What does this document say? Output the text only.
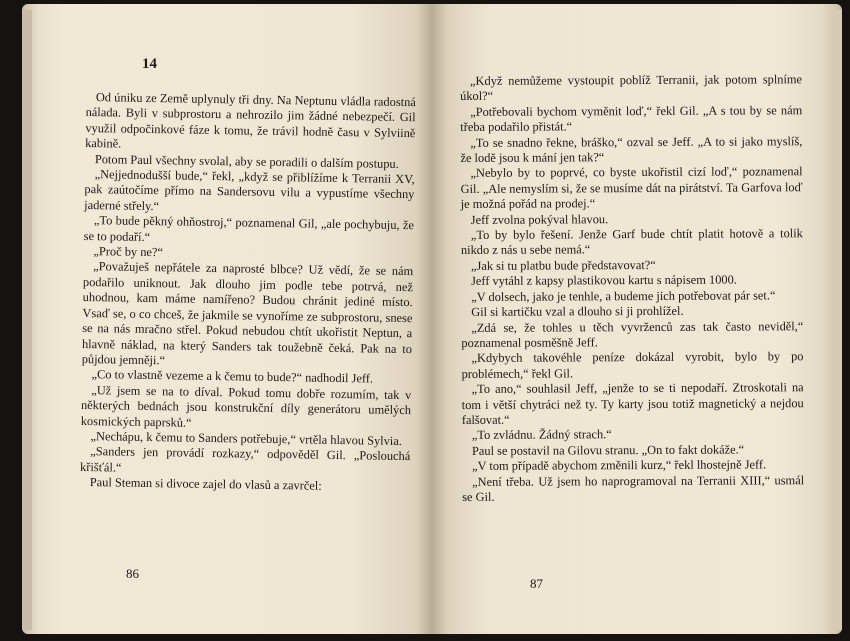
14

Od úniku ze Země uplynuly tři dny. Na Neptunu vládla radostná nálada. Byli v subprostoru a nehrozilo jim žádné nebezpečí. Gil využil odpočinkové fáze k tomu, že trávil hodně času v Sylviině kabině.

Potom Paul všechny svolal, aby se poradili o dalším postupu.

„Nejjednodušší bude,“ řekl, „když se přiblížíme k Terranii XV, pak zaútočíme přímo na Sandersovu vilu a vypustíme všechny jaderné střely.“

„To bude pěkný ohňostroj,“ poznamenal Gil, „ale pochybuju, že se to podaří.“

„Proč by ne?“

„Považuješ nepřátele za naprosté blbce? Už vědí, že se nám podařilo uniknout. Jak dlouho jim podle tebe potrvá, než uhodnou, kam máme namířeno? Budou chránit jediné místo. Vsaď se, o co chceš, že jakmile se vynoříme ze subprostoru, snese se na nás mračno střel. Pokud nebudou chtít ukořistit Neptun, a hlavně náklad, na který Sanders tak toužebně čeká. Pak na to půjdou jemněji.“

„Co to vlastně vezeme a k čemu to bude?“ nadhodil Jeff.

„Už jsem se na to díval. Pokud tomu dobře rozumím, tak v některých bednách jsou konstrukční díly generátoru umělých kosmických paprsků.“

„Nechápu, k čemu to Sanders potřebuje,“ vrtěla hlavou Sylvia.

„Sanders jen provádí rozkazy,“ odpověděl Gil. „Poslouchá křišťál.“

Paul Steman si divoce zajel do vlasů a zavrčel:

86

„Když nemůžeme vystoupit poblíž Terranii, jak potom splníme úkol?“

„Potřebovali bychom vyměnit loď,“ řekl Gil. „A s tou by se nám třeba podařilo přistát.“

„To se snadno řekne, bráško,“ ozval se Jeff. „A to si jako myslíš, že lodě jsou k mání jen tak?“

„Nebylo by to poprvé, co byste ukořistil cizí loď,“ poznamenal Gil. „Ale nemyslím si, že se musíme dát na pirátství. Ta Garfova loď je možná pořád na prodej.“

Jeff zvolna pokýval hlavou.

„To by bylo řešení. Jenže Garf bude chtít platit hotově a tolik nikdo z nás u sebe nemá.“

„Jak si tu platbu bude představovat?“

Jeff vytáhl z kapsy plastikovou kartu s nápisem 1000.

„V dolsech, jako je tenhle, a budeme jich potřebovat pár set.“

Gil si kartičku vzal a dlouho si ji prohlížel.

„Zdá se, že tohles u těch vyvrženců zas tak často neviděl,“ poznamenal posměšně Jeff.

„Kdybych takovéhle peníze dokázal vyrobit, bylo by po problémech,“ řekl Gil.

„To ano,“ souhlasil Jeff, „jenže to se ti nepodaří. Ztroskotali na tom i větší chytráci než ty. Ty karty jsou totiž magnetický a nejdou falšovat.“

„To zvládnu. Žádný strach.“

Paul se postavil na Gilovu stranu. „On to fakt dokáže.“

„V tom případě abychom změnili kurz,“ řekl lhostejně Jeff.

„Není třeba. Už jsem ho naprogramoval na Terranii XIII,“ usmál se Gil.

87
